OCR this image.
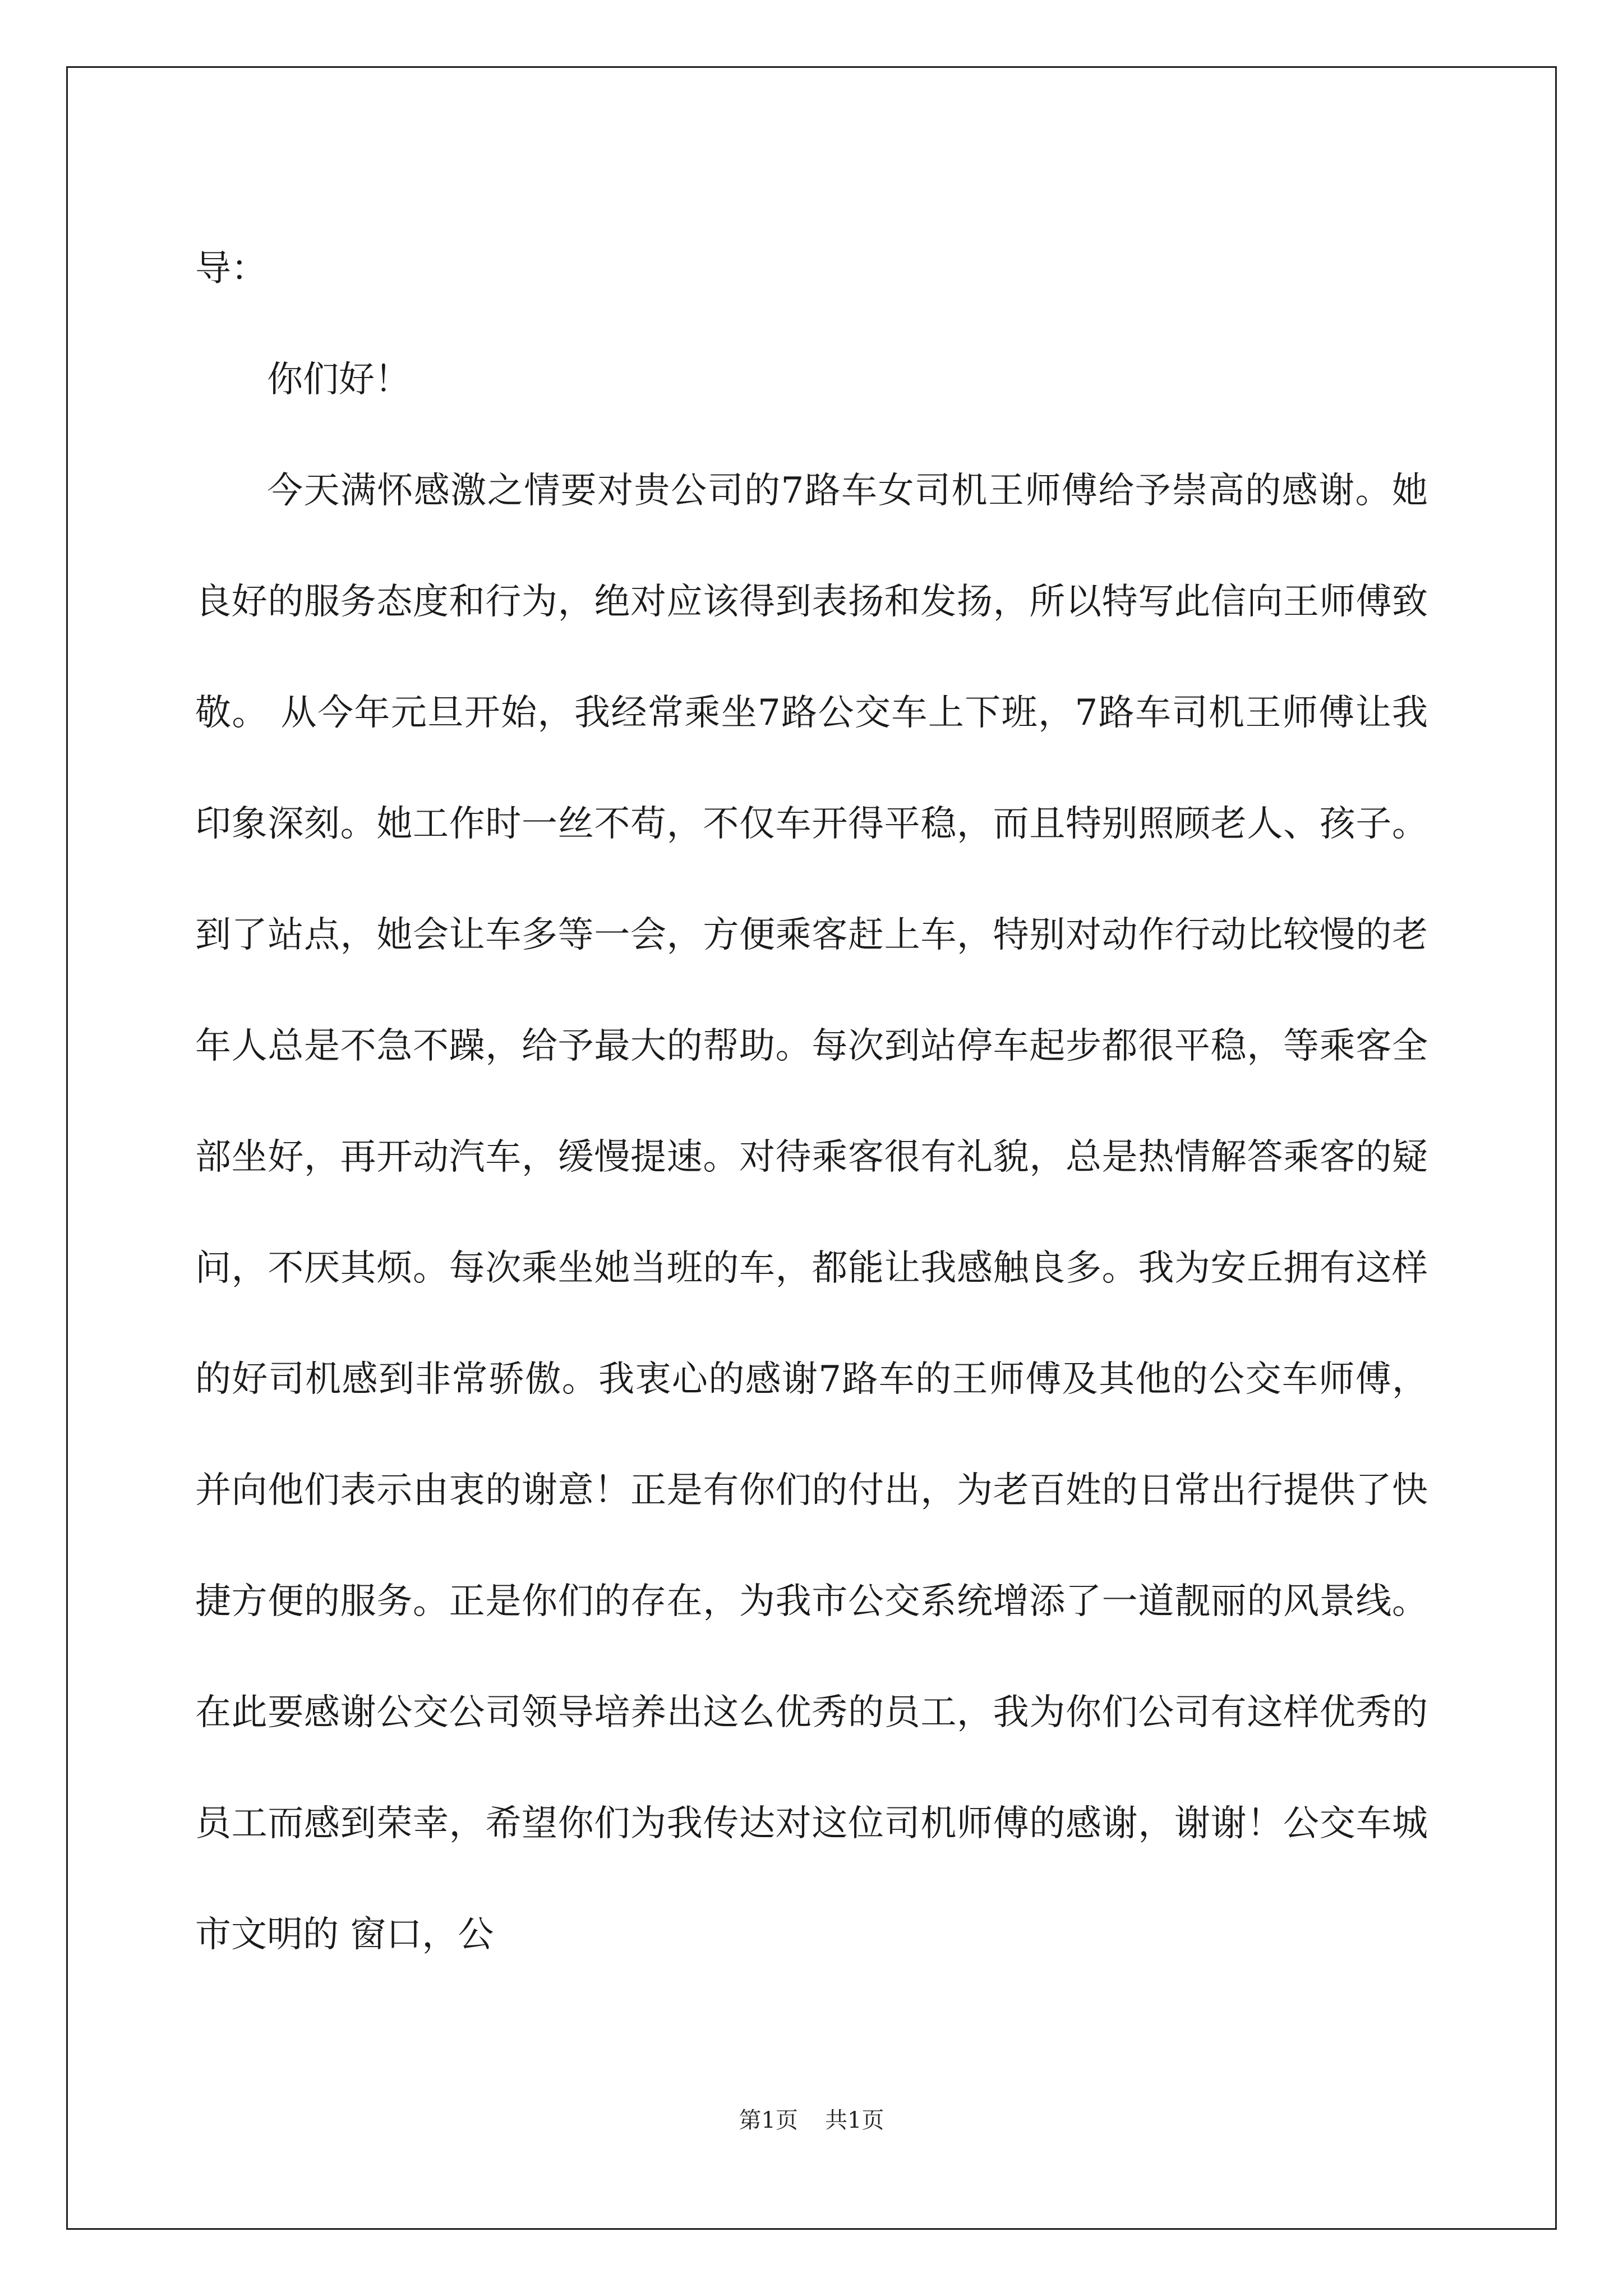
导：

你们好！

今天满怀感激之情要对贵公司的7路车女司机王师傅给予崇高的感谢。她良好的服务态度和行为，绝对应该得到表扬和发扬，所以特写此信向王师傅致敬。 从今年元旦开始，我经常乘坐7路公交车上下班，7路车司机王师傅让我印象深刻。她工作时一丝不苟，不仅车开得平稳，而且特别照顾老人、孩子。到了站点，她会让车多等一会，方便乘客赶上车，特别对动作行动比较慢的老年人总是不急不躁，给予最大的帮助。每次到站停车起步都很平稳，等乘客全部坐好，再开动汽车，缓慢提速。对待乘客很有礼貌，总是热情解答乘客的疑问，不厌其烦。每次乘坐她当班的车，都能让我感触良多。我为安丘拥有这样的好司机感到非常骄傲。我衷心的感谢7路车的王师傅及其他的公交车师傅，并向他们表示由衷的谢意！正是有你们的付出，为老百姓的日常出行提供了快捷方便的服务。正是你们的存在，为我市公交系统增添了一道靓丽的风景线。在此要感谢公交公司领导培养出这么优秀的员工，我为你们公司有这样优秀的员工而感到荣幸，希望你们为我传达对这位司机师傅的感谢，谢谢！公交车城市文明的 窗口，公

第1页 共1页
